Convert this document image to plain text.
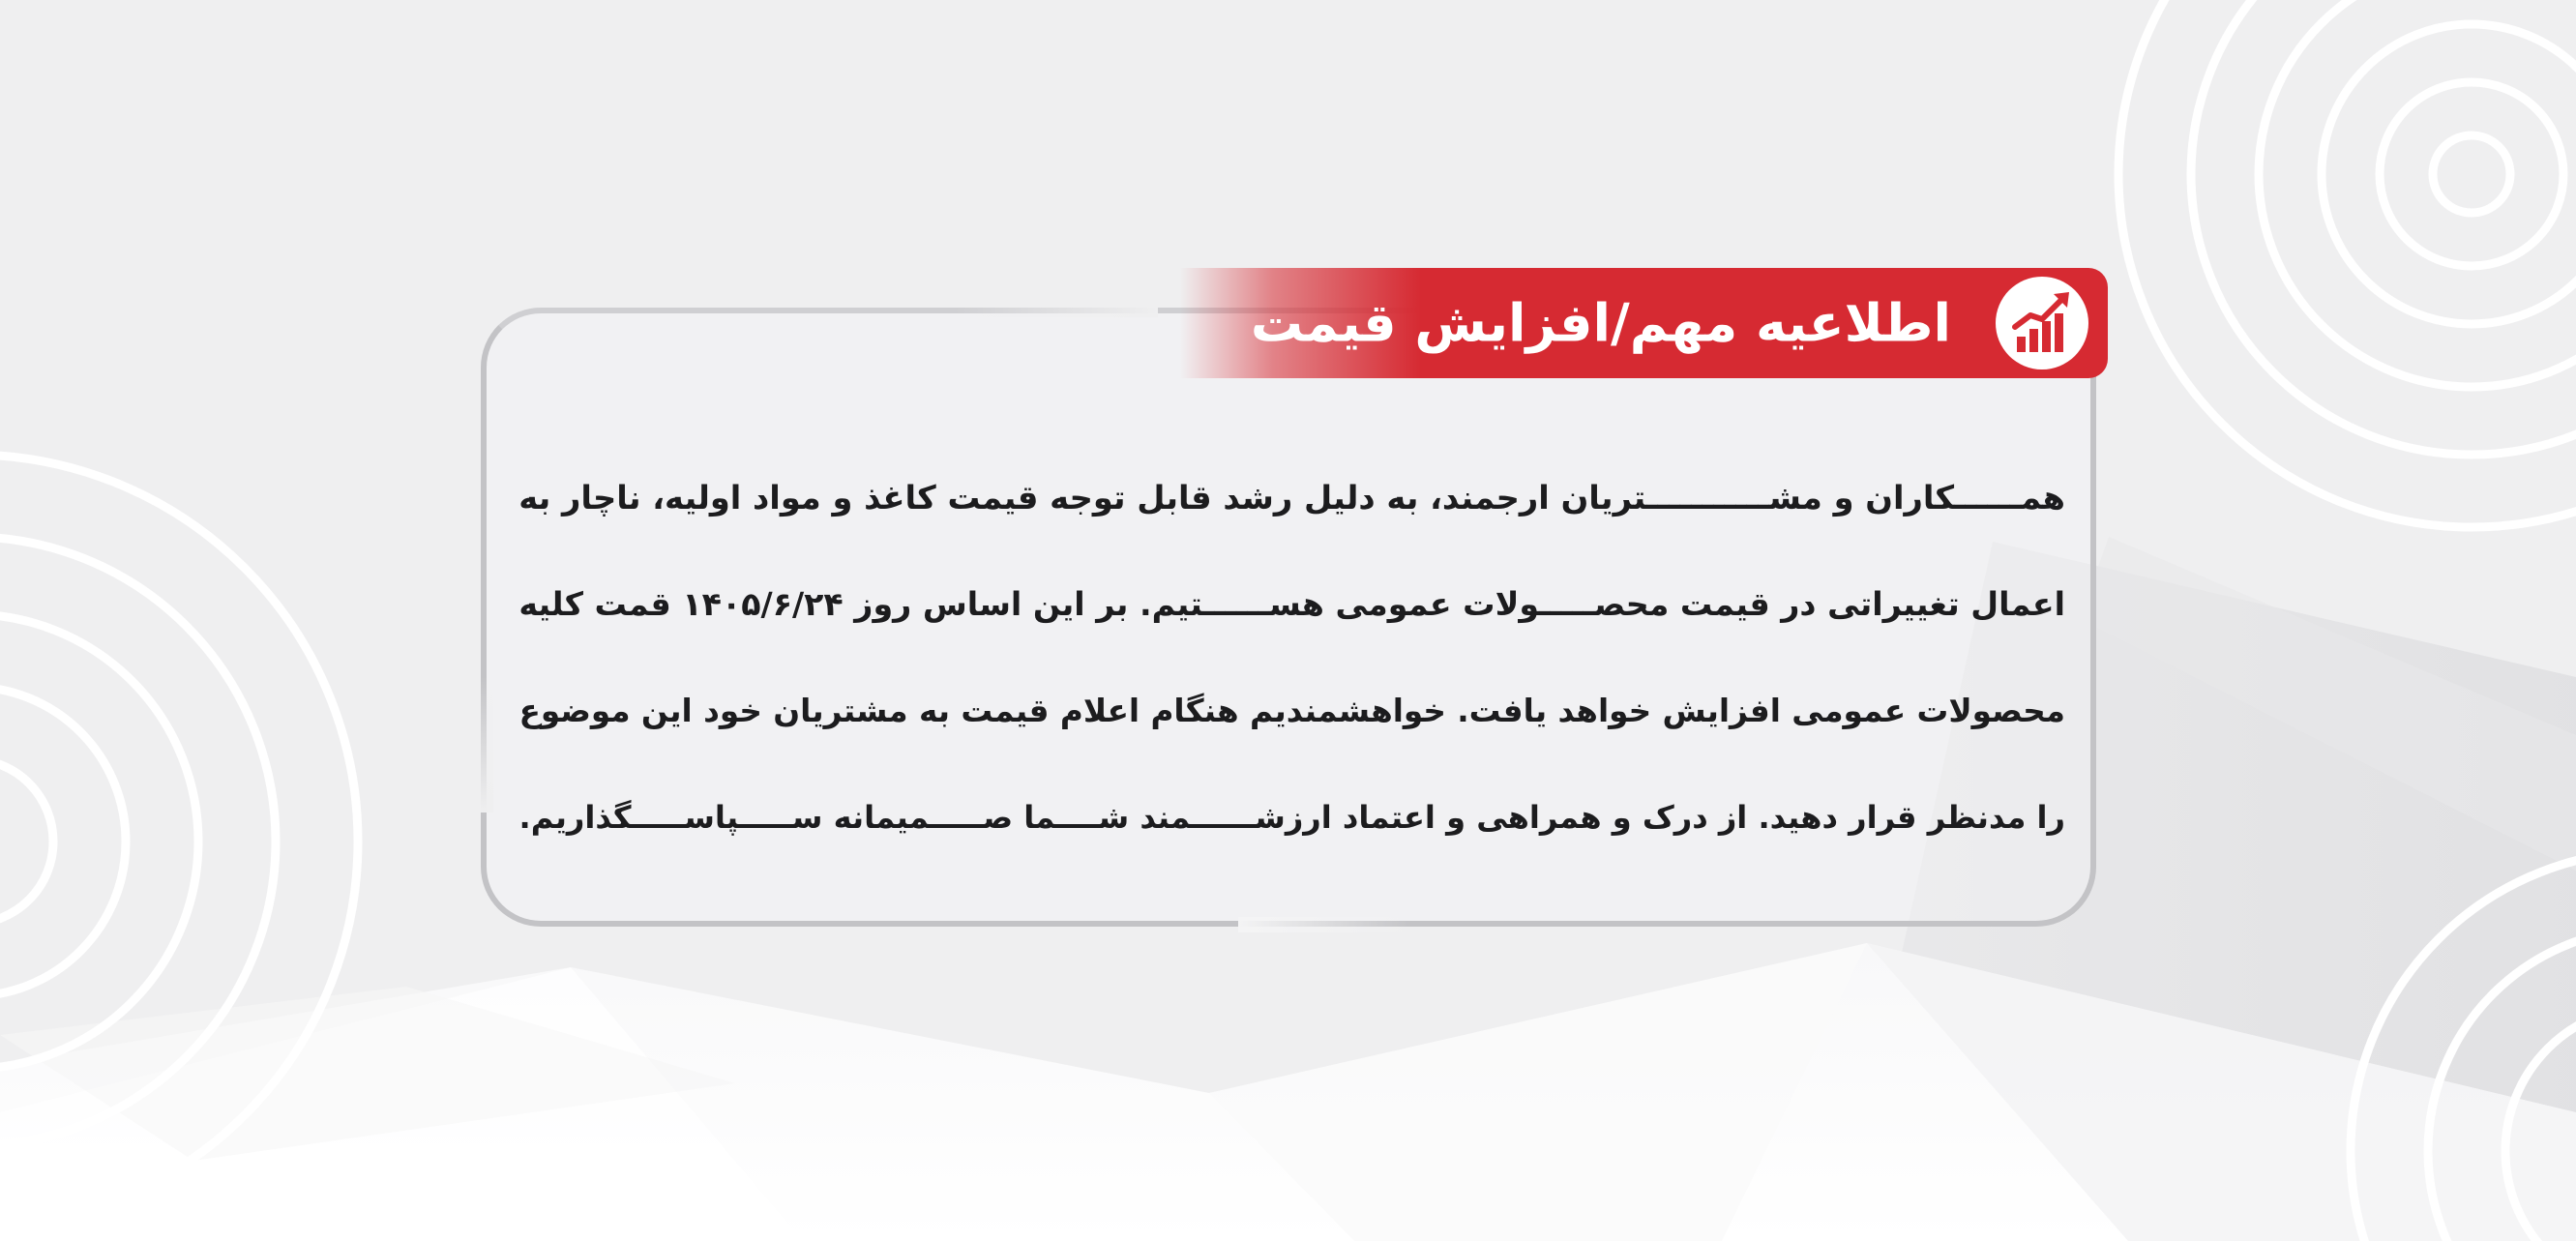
اطلاعیه مهم/افزایش قیمت

همــــــکاران و مشـــــــــــتریان ارجمند، به دلیل رشد قابل توجه قیمت کاغذ و مواد اولیه، ناچار به

اعمال تغییراتی در قیمت محصـــــولات عمومی هســــــتیم. بر این اساس روز ۱۴۰۵/۶/۲۴ قمت کلیه

محصولات عمومی افزایش خواهد یافت. خواهشمندیم هنگام اعلام قیمت به مشتریان خود این موضوع

را مدنظر قرار دهید. از درک و همراهی و اعتماد ارزشــــــمند شــــما صـــــمیمانه ســـــپاســـــگذاریم.
